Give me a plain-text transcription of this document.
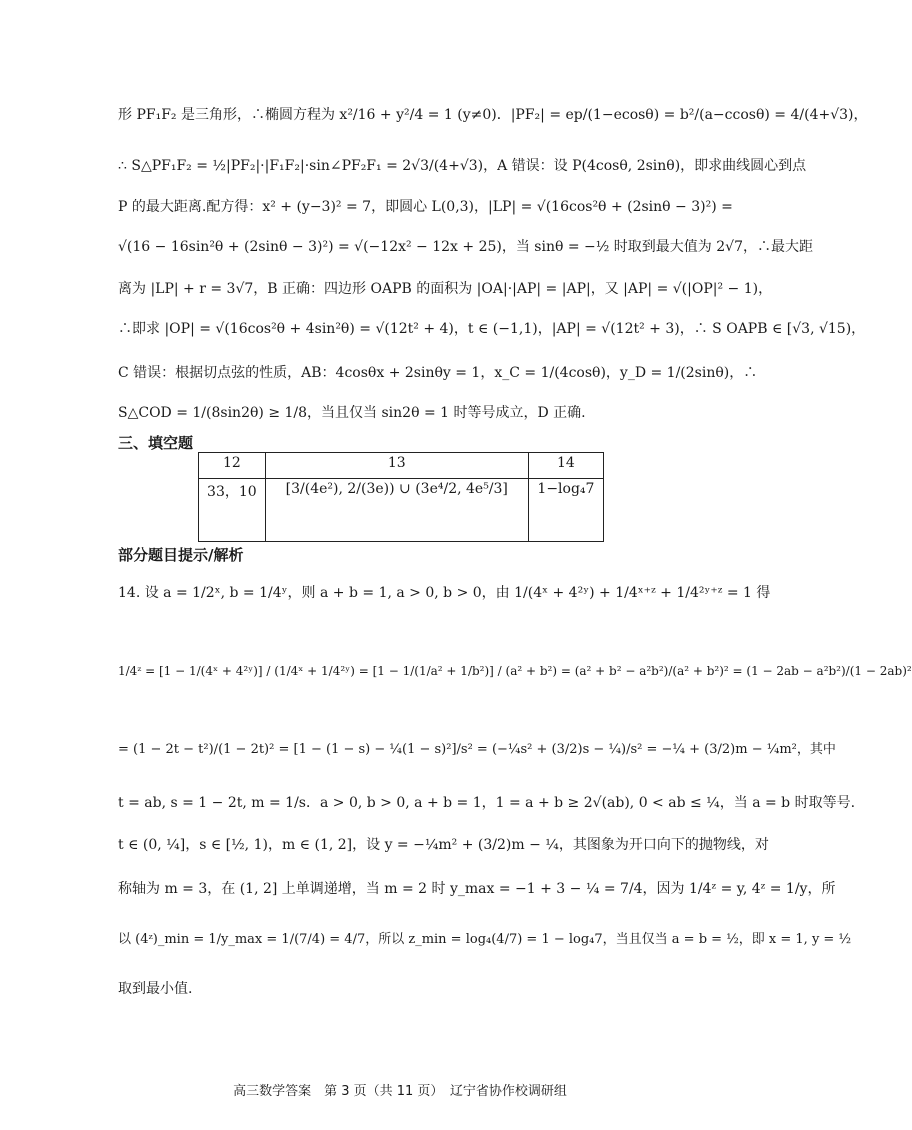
形 PF₁F₂ 是三角形，∴椭圆方程为 x²/16 + y²/4 = 1 (y≠0)．|PF₂| = ep/(1−ecosθ) = b²/(a−ccosθ) = 4/(4+√3)，
∴ S△PF₁F₂ = ½|PF₂|·|F₁F₂|·sin∠PF₂F₁ = 2√3/(4+√3)，A 错误：设 P(4cosθ, 2sinθ)，即求曲线圆心到点
P 的最大距离.配方得：x² + (y−3)² = 7，即圆心 L(0,3)，|LP| = √(16cos²θ + (2sinθ − 3)²) =
√(16 − 16sin²θ + (2sinθ − 3)²) = √(−12x² − 12x + 25)，当 sinθ = −½ 时取到最大值为 2√7，∴最大距
离为 |LP| + r = 3√7，B 正确：四边形 OAPB 的面积为 |OA|·|AP| = |AP|，又 |AP| = √(|OP|² − 1)，
∴即求 |OP| = √(16cos²θ + 4sin²θ) = √(12t² + 4)，t ∈ (−1,1)，|AP| = √(12t² + 3)，∴ S OAPB ∈ [√3, √15)，
C 错误：根据切点弦的性质，AB：4cosθx + 2sinθy = 1，x_C = 1/(4cosθ)，y_D = 1/(2sinθ)，∴
S△COD = 1/(8sin2θ) ≥ 1/8，当且仅当 sin2θ = 1 时等号成立，D 正确.
三、填空题
12	13	14
33，10	[3/(4e²), 2/(3e)) ∪ (3e⁴/2, 4e⁵/3]	1−log₄7
部分题目提示/解析
14. 设 a = 1/2ˣ, b = 1/4ʸ，则 a + b = 1, a > 0, b > 0，由 1/(4ˣ + 4²ʸ) + 1/4ˣ⁺ᶻ + 1/4²ʸ⁺ᶻ = 1 得
1/4ᶻ = [1 − 1/(4ˣ + 4²ʸ)] / (1/4ˣ + 1/4²ʸ) = [1 − 1/(1/a² + 1/b²)] / (a² + b²) = (a² + b² − a²b²)/(a² + b²)² = (1 − 2ab − a²b²)/(1 − 2ab)²
= (1 − 2t − t²)/(1 − 2t)² = [1 − (1 − s) − ¼(1 − s)²]/s² = (−¼s² + (3/2)s − ¼)/s² = −¼ + (3/2)m − ¼m²，其中
t = ab, s = 1 − 2t, m = 1/s．a > 0, b > 0, a + b = 1，1 = a + b ≥ 2√(ab), 0 < ab ≤ ¼，当 a = b 时取等号.
t ∈ (0, ¼]，s ∈ [½, 1)，m ∈ (1, 2]，设 y = −¼m² + (3/2)m − ¼，其图象为开口向下的抛物线，对
称轴为 m = 3，在 (1, 2] 上单调递增，当 m = 2 时 y_max = −1 + 3 − ¼ = 7/4，因为 1/4ᶻ = y, 4ᶻ = 1/y，所
以 (4ᶻ)_min = 1/y_max = 1/(7/4) = 4/7，所以 z_min = log₄(4/7) = 1 − log₄7，当且仅当 a = b = ½，即 x = 1, y = ½
取到最小值.
高三数学答案　第 3 页（共 11 页）　辽宁省协作校调研组
